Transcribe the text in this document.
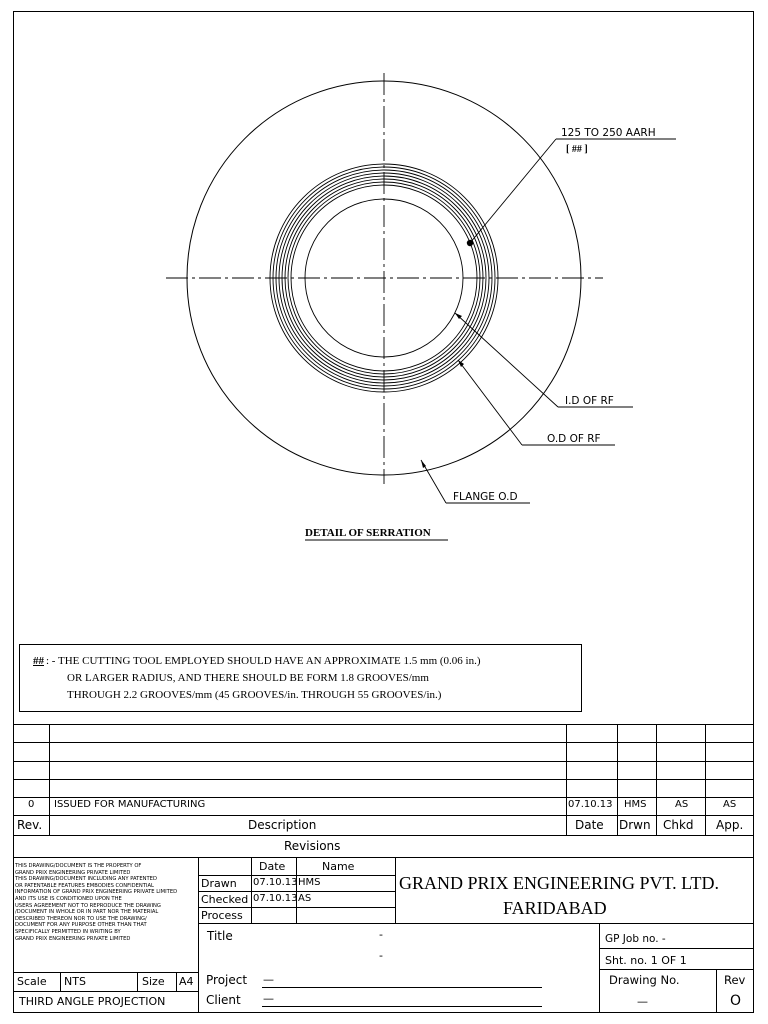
125 TO 250 AARH
[ ## ]
I.D OF RF
O.D OF RF
FLANGE O.D
DETAIL OF SERRATION
## : - THE CUTTING TOOL EMPLOYED SHOULD HAVE AN APPROXIMATE 1.5 mm (0.06 in.)
OR LARGER RADIUS, AND THERE SHOULD BE FORM 1.8 GROOVES/mm
THROUGH 2.2 GROOVES/mm (45 GROOVES/in. THROUGH 55 GROOVES/in.)
0 ISSUED FOR MANUFACTURING	07.10.13 HMS	AS	AS
Rev.	Description	Date Drwn Chkd App.
Revisions
THIS DRAWING/DOCUMENT IS THE PROPERTY OF
GRAND PRIX ENGINEERING PRIVATE LIMITED
THIS DRAWING/DOCUMENT INCLUDING ANY PATENTED
OR PATENTABLE FEATURES EMBODIES CONFIDENTIAL
INFORMATION OF GRAND PRIX ENGINEERING PRIVATE LIMITED
AND ITS USE IS CONDITIONED UPON THE
USERS AGREEMENT NOT TO REPRODUCE THE DRAWING
/DOCUMENT IN WHOLE OR IN PART NOR THE MATERIAL
DESCRIBED THEREON NOR TO USE THE DRAWING/
DOCUMENT FOR ANY PURPOSE OTHER THAN THAT
SPECIFICALLY PERMITTED IN WRITING BY
GRAND PRIX ENGINEERING PRIVATE LIMITED
Scale NTS	Size A4
THIRD ANGLE PROJECTION
Date	Name
Drawn 07.10.13 HMS
Checked 07.10.13 AS
Process
GRAND PRIX ENGINEERING PVT. LTD.
FARIDABAD
Title	-
-
Project —
Client —
GP Job no. -
Sht. no. 1 OF 1
Drawing No.
—
Rev
O
